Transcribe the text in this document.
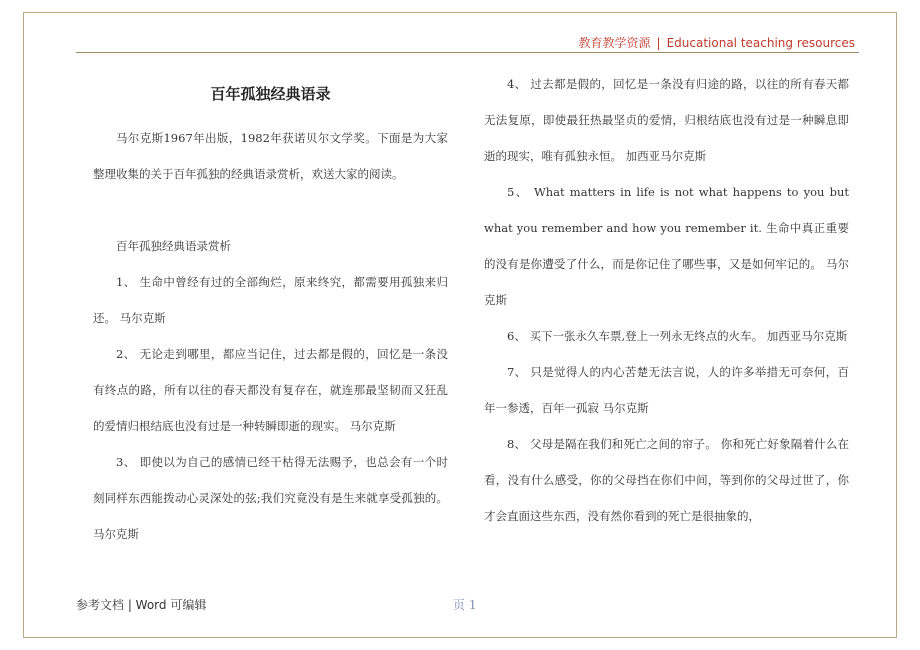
教育教学资源 | Educational teaching resources
百年孤独经典语录

马尔克斯1967年出版，1982年获诺贝尔文学奖。下面是为大家整理收集的关于百年孤独的经典语录赏析，欢送大家的阅读。

百年孤独经典语录赏析

1、 生命中曾经有过的全部绚烂，原来终究，都需要用孤独来归还。 马尔克斯

2、 无论走到哪里，都应当记住，过去都是假的，回忆是一条没有终点的路，所有以往的春天都没有复存在，就连那最坚韧而又狂乱的爱情归根结底也没有过是一种转瞬即逝的现实。 马尔克斯

3、 即使以为自己的感情已经干枯得无法赐予，也总会有一个时刻同样东西能拨动心灵深处的弦;我们究竟没有是生来就享受孤独的。 马尔克斯

4、 过去都是假的，回忆是一条没有归途的路，以往的所有春天都无法复原，即使最狂热最坚贞的爱情，归根结底也没有过是一种瞬息即逝的现实，唯有孤独永恒。 加西亚马尔克斯

5、 What matters in life is not what happens to you but what you remember and how you remember it. 生命中真正重要的没有是你遭受了什么，而是你记住了哪些事，又是如何牢记的。 马尔克斯

6、 买下一张永久车票,登上一列永无终点的火车。 加西亚马尔克斯

7、 只是觉得人的内心苦楚无法言说，人的许多举措无可奈何，百年一参透，百年一孤寂 马尔克斯

8、 父母是隔在我们和死亡之间的帘子。 你和死亡好象隔着什么在看，没有什么感受，你的父母挡在你们中间，等到你的父母过世了，你才会直面这些东西，没有然你看到的死亡是很抽象的，

参考文档 | Word 可编辑	页 1
